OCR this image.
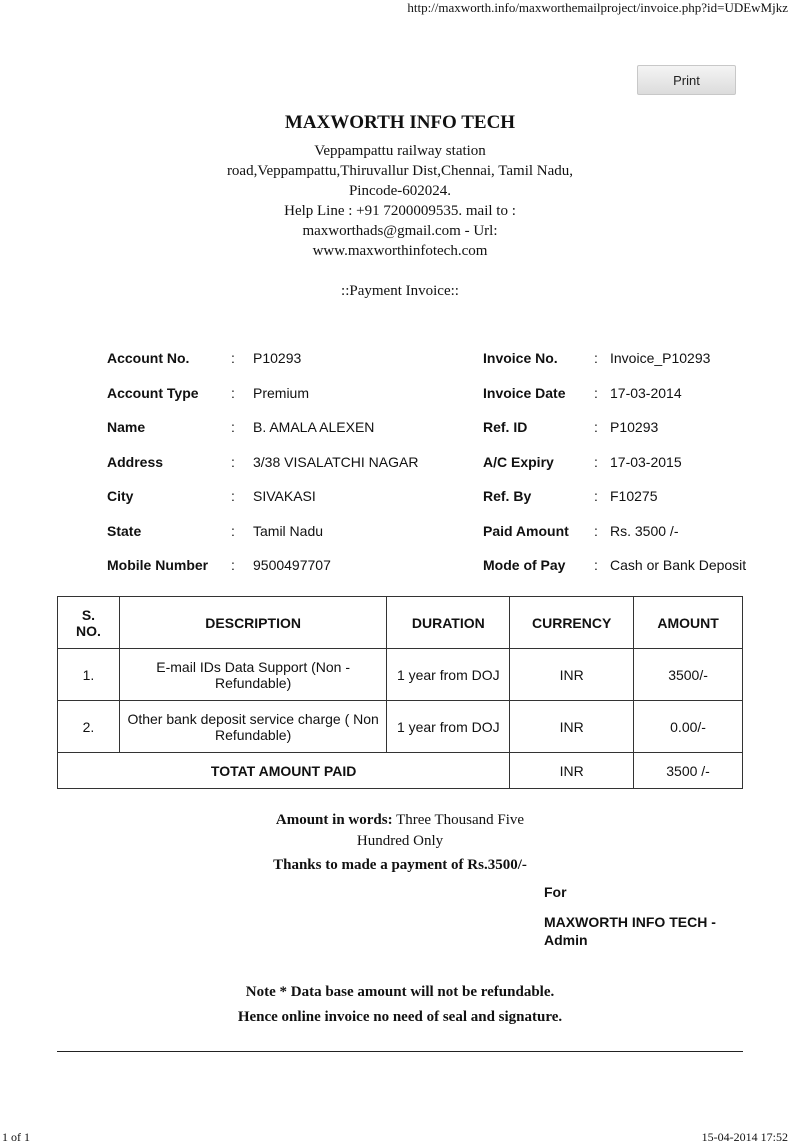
http://maxworth.info/maxworthemailproject/invoice.php?id=UDEwMjkz
Print
MAXWORTH INFO TECH
Veppampattu railway station
road,Veppampattu,Thiruvallur Dist,Chennai, Tamil Nadu,
Pincode-602024.
Help Line : +91 7200009535. mail to :
maxworthads@gmail.com - Url:
www.maxworthinfotech.com
::Payment Invoice::
Account No.	: P10293
Account Type : Premium
Name	: B. AMALA ALEXEN
Address	: 3/38 VISALATCHI NAGAR
City	: SIVAKASI
State	: Tamil Nadu
Mobile Number : 9500497707
Invoice No.	: Invoice_P10293
Invoice Date : 17-03-2014
Ref. ID	: P10293
A/C Expiry	: 17-03-2015
Ref. By	: F10275
Paid Amount : Rs. 3500 /-
Mode of Pay : Cash or Bank Deposit
S.
NO.	DESCRIPTION	DURATION	CURRENCY	AMOUNT
1.	E-mail IDs Data Support (Non -
Refundable)	1 year from DOJ	INR	3500/-
2.	Other bank deposit service charge ( Non
Refundable)	1 year from DOJ	INR	0.00/-
TOTAT AMOUNT PAID			INR	3500 /-
Amount in words: Three Thousand Five
Hundred Only
Thanks to made a payment of Rs.3500/-
For
MAXWORTH INFO TECH -
Admin
Note * Data base amount will not be refundable.
Hence online invoice no need of seal and signature.
1 of 1	15-04-2014 17:52
